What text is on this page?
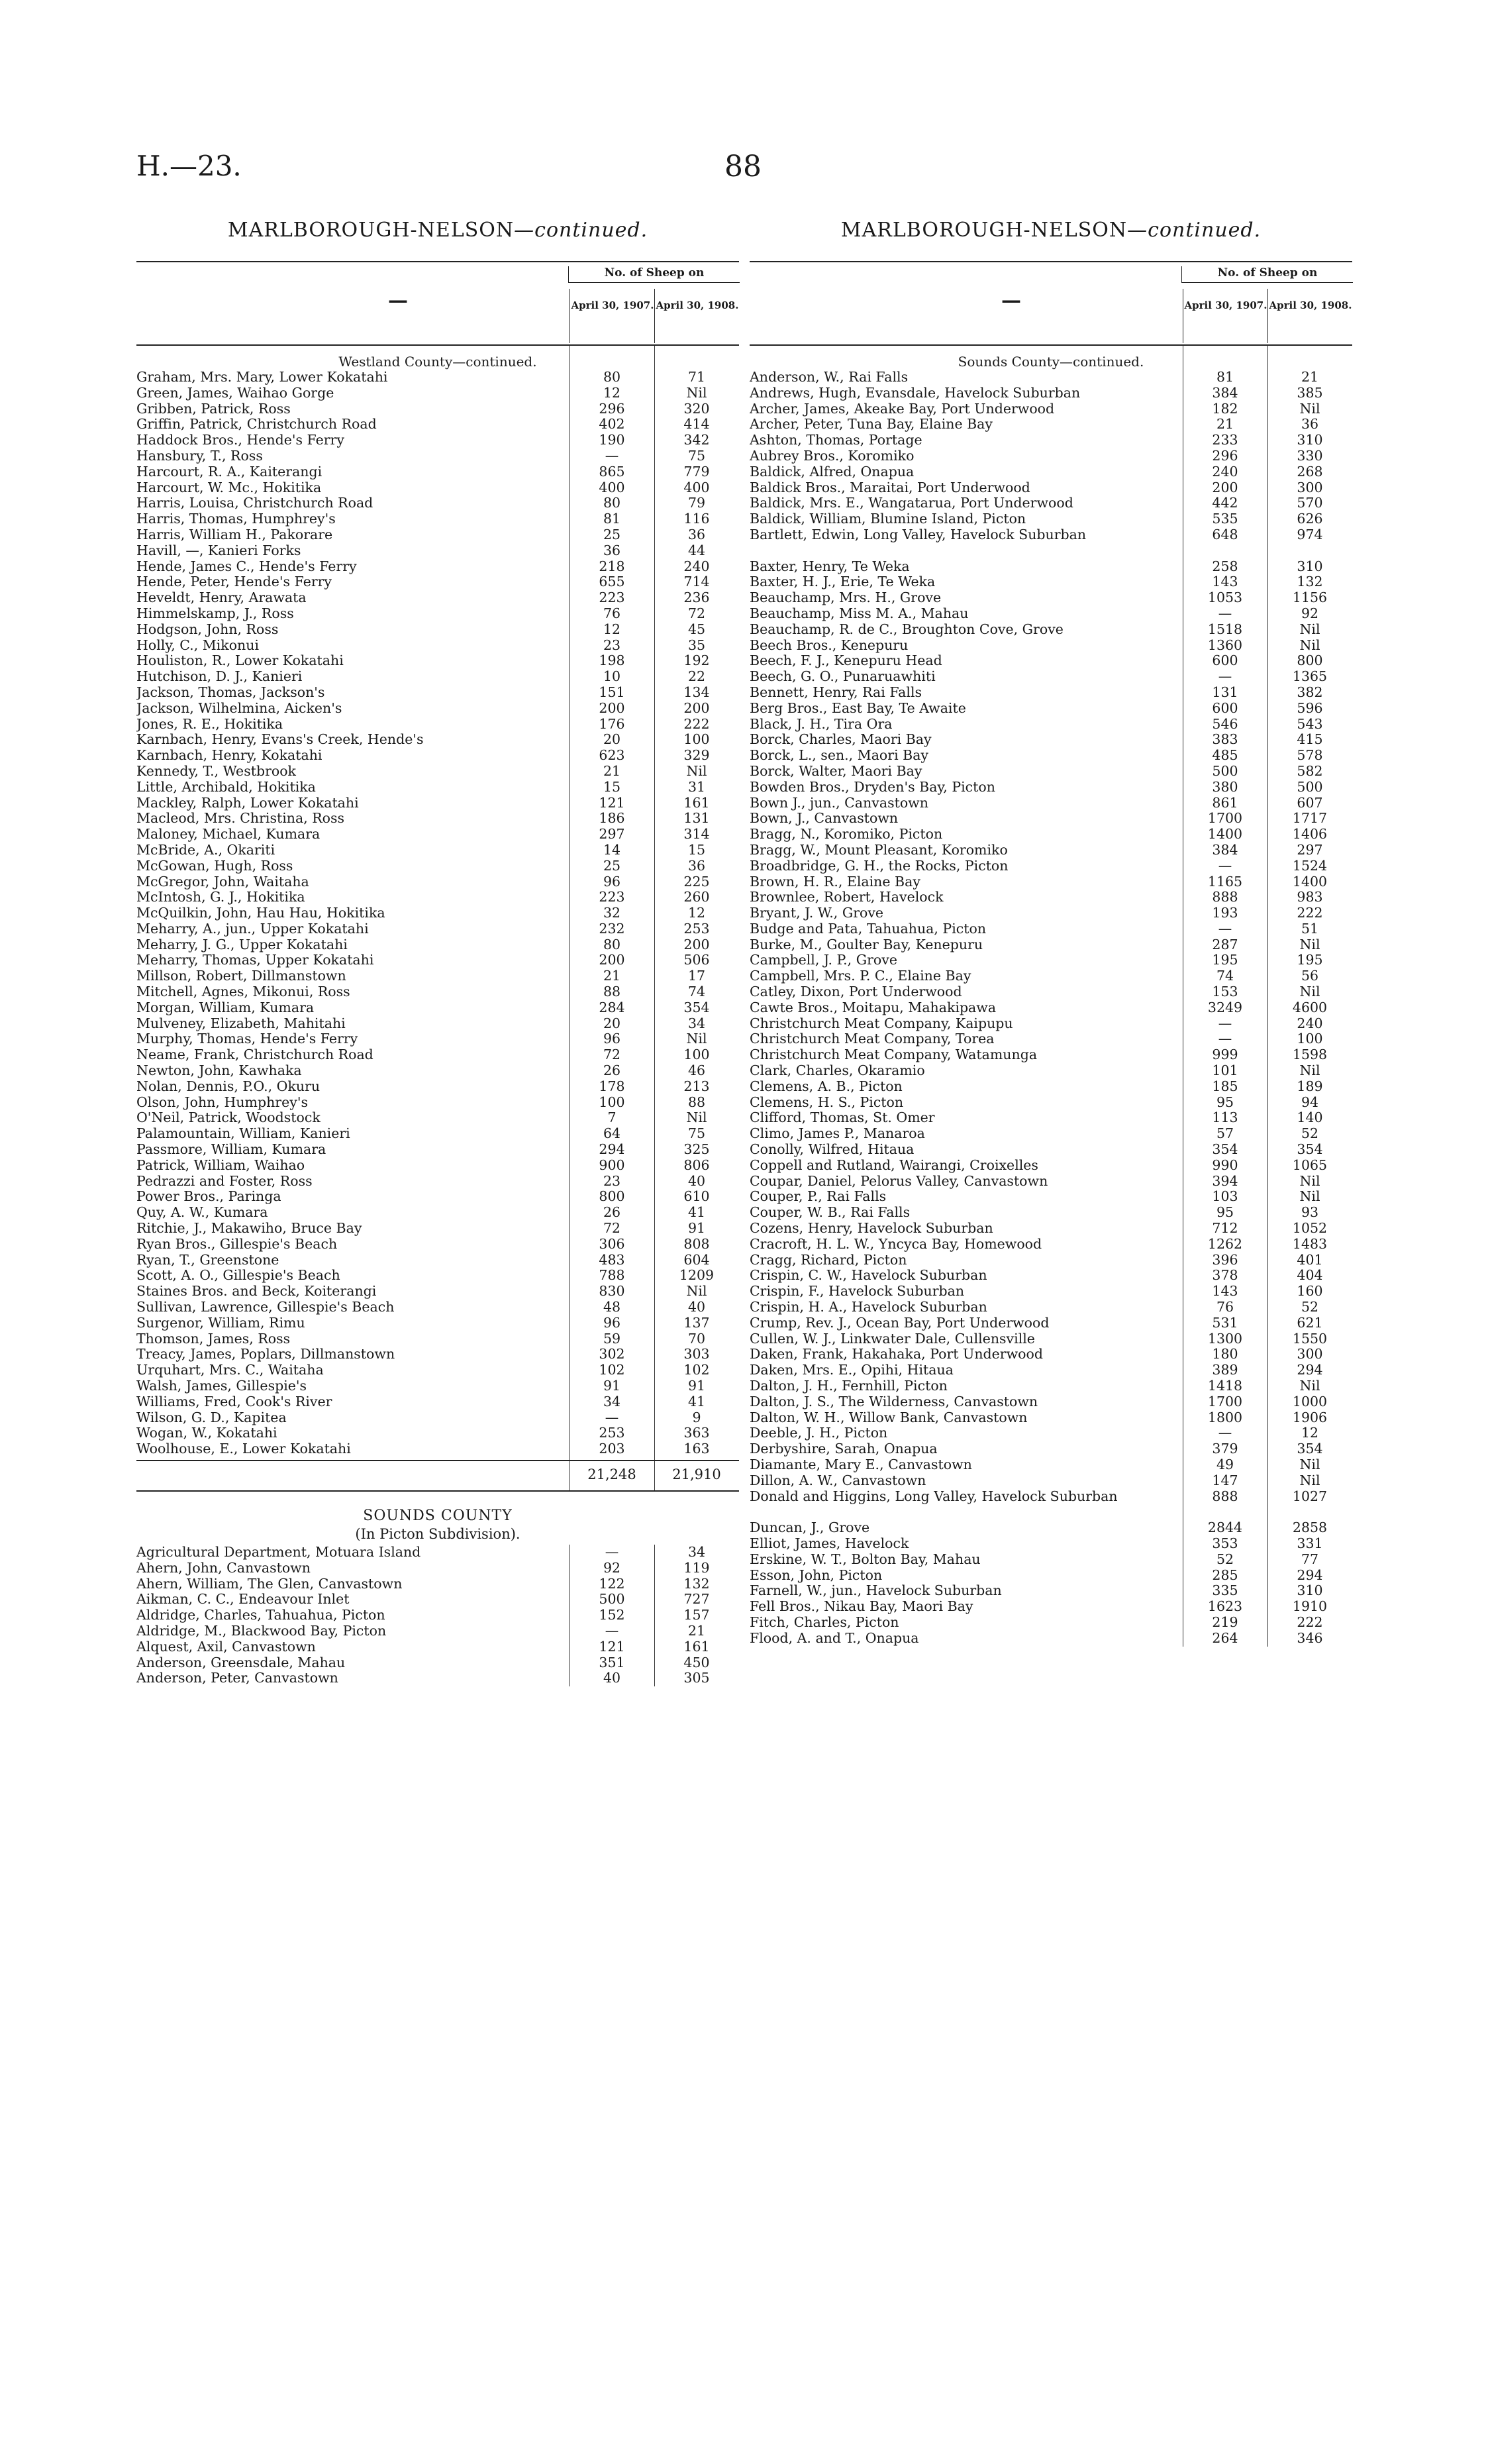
H.—23.	88
MARLBOROUGH-NELSON—continued.
—
No. of Sheep on
April 30, 1907. April 30, 1908.
Westland County—continued.
Graham, Mrs. Mary, Lower Kokatahi	80	71
Green, James, Waihao Gorge	12	Nil
Gribben, Patrick, Ross	296	320
Griffin, Patrick, Christchurch Road	402	414
Haddock Bros., Hende's Ferry	190	342
Hansbury, T., Ross	—	75
Harcourt, R. A., Kaiterangi	865	779
Harcourt, W. Mc., Hokitika	400	400
Harris, Louisa, Christchurch Road	80	79
Harris, Thomas, Humphrey's	81	116
Harris, William H., Pakorare	25	36
Havill, —, Kanieri Forks	36	44
Hende, James C., Hende's Ferry	218	240
Hende, Peter, Hende's Ferry	655	714
Heveldt, Henry, Arawata	223	236
Himmelskamp, J., Ross	76	72
Hodgson, John, Ross	12	45
Holly, C., Mikonui	23	35
Houliston, R., Lower Kokatahi	198	192
Hutchison, D. J., Kanieri	10	22
Jackson, Thomas, Jackson's	151	134
Jackson, Wilhelmina, Aicken's	200	200
Jones, R. E., Hokitika	176	222
Karnbach, Henry, Evans's Creek, Hende's	20	100
Karnbach, Henry, Kokatahi	623	329
Kennedy, T., Westbrook	21	Nil
Little, Archibald, Hokitika	15	31
Mackley, Ralph, Lower Kokatahi	121	161
Macleod, Mrs. Christina, Ross	186	131
Maloney, Michael, Kumara	297	314
McBride, A., Okariti	14	15
McGowan, Hugh, Ross	25	36
McGregor, John, Waitaha	96	225
McIntosh, G. J., Hokitika	223	260
McQuilkin, John, Hau Hau, Hokitika	32	12
Meharry, A., jun., Upper Kokatahi	232	253
Meharry, J. G., Upper Kokatahi	80	200
Meharry, Thomas, Upper Kokatahi	200	506
Millson, Robert, Dillmanstown	21	17
Mitchell, Agnes, Mikonui, Ross	88	74
Morgan, William, Kumara	284	354
Mulveney, Elizabeth, Mahitahi	20	34
Murphy, Thomas, Hende's Ferry	96	Nil
Neame, Frank, Christchurch Road	72	100
Newton, John, Kawhaka	26	46
Nolan, Dennis, P.O., Okuru	178	213
Olson, John, Humphrey's	100	88
O'Neil, Patrick, Woodstock	7	Nil
Palamountain, William, Kanieri	64	75
Passmore, William, Kumara	294	325
Patrick, William, Waihao	900	806
Pedrazzi and Foster, Ross	23	40
Power Bros., Paringa	800	610
Quy, A. W., Kumara	26	41
Ritchie, J., Makawiho, Bruce Bay	72	91
Ryan Bros., Gillespie's Beach	306	808
Ryan, T., Greenstone	483	604
Scott, A. O., Gillespie's Beach	788	1209
Staines Bros. and Beck, Koiterangi	830	Nil
Sullivan, Lawrence, Gillespie's Beach	48	40
Surgenor, William, Rimu	96	137
Thomson, James, Ross	59	70
Treacy, James, Poplars, Dillmanstown	302	303
Urquhart, Mrs. C., Waitaha	102	102
Walsh, James, Gillespie's	91	91
Williams, Fred, Cook's River	34	41
Wilson, G. D., Kapitea	—	9
Wogan, W., Kokatahi	253	363
Woolhouse, E., Lower Kokatahi	203	163
21,248	21,910
SOUNDS COUNTY
(In Picton Subdivision).
Agricultural Department, Motuara Island	—	34
Ahern, John, Canvastown	92	119
Ahern, William, The Glen, Canvastown	122	132
Aikman, C. C., Endeavour Inlet	500	727
Aldridge, Charles, Tahuahua, Picton	152	157
Aldridge, M., Blackwood Bay, Picton	—	21
Alquest, Axil, Canvastown	121	161
Anderson, Greensdale, Mahau	351	450
Anderson, Peter, Canvastown	40	305
MARLBOROUGH-NELSON—continued.
—
No. of Sheep on
April 30, 1907. April 30, 1908.
Sounds County—continued.
Anderson, W., Rai Falls	81	21
Andrews, Hugh, Evansdale, Havelock Suburban	384	385
Archer, James, Akeake Bay, Port Underwood	182	Nil
Archer, Peter, Tuna Bay, Elaine Bay	21	36
Ashton, Thomas, Portage	233	310
Aubrey Bros., Koromiko	296	330
Baldick, Alfred, Onapua	240	268
Baldick Bros., Maraitai, Port Underwood	200	300
Baldick, Mrs. E., Wangatarua, Port Underwood	442	570
Baldick, William, Blumine Island, Picton	535	626
Bartlett, Edwin, Long Valley, Havelock Suburban	648	974
Baxter, Henry, Te Weka	258	310
Baxter, H. J., Erie, Te Weka	143	132
Beauchamp, Mrs. H., Grove	1053	1156
Beauchamp, Miss M. A., Mahau	—	92
Beauchamp, R. de C., Broughton Cove, Grove	1518	Nil
Beech Bros., Kenepuru	1360	Nil
Beech, F. J., Kenepuru Head	600	800
Beech, G. O., Punaruawhiti	—	1365
Bennett, Henry, Rai Falls	131	382
Berg Bros., East Bay, Te Awaite	600	596
Black, J. H., Tira Ora	546	543
Borck, Charles, Maori Bay	383	415
Borck, L., sen., Maori Bay	485	578
Borck, Walter, Maori Bay	500	582
Bowden Bros., Dryden's Bay, Picton	380	500
Bown J., jun., Canvastown	861	607
Bown, J., Canvastown	1700	1717
Bragg, N., Koromiko, Picton	1400	1406
Bragg, W., Mount Pleasant, Koromiko	384	297
Broadbridge, G. H., the Rocks, Picton	—	1524
Brown, H. R., Elaine Bay	1165	1400
Brownlee, Robert, Havelock	888	983
Bryant, J. W., Grove	193	222
Budge and Pata, Tahuahua, Picton	—	51
Burke, M., Goulter Bay, Kenepuru	287	Nil
Campbell, J. P., Grove	195	195
Campbell, Mrs. P. C., Elaine Bay	74	56
Catley, Dixon, Port Underwood	153	Nil
Cawte Bros., Moitapu, Mahakipawa	3249	4600
Christchurch Meat Company, Kaipupu	—	240
Christchurch Meat Company, Torea	—	100
Christchurch Meat Company, Watamunga	999	1598
Clark, Charles, Okaramio	101	Nil
Clemens, A. B., Picton	185	189
Clemens, H. S., Picton	95	94
Clifford, Thomas, St. Omer	113	140
Climo, James P., Manaroa	57	52
Conolly, Wilfred, Hitaua	354	354
Coppell and Rutland, Wairangi, Croixelles	990	1065
Coupar, Daniel, Pelorus Valley, Canvastown	394	Nil
Couper, P., Rai Falls	103	Nil
Couper, W. B., Rai Falls	95	93
Cozens, Henry, Havelock Suburban	712	1052
Cracroft, H. L. W., Yncyca Bay, Homewood	1262	1483
Cragg, Richard, Picton	396	401
Crispin, C. W., Havelock Suburban	378	404
Crispin, F., Havelock Suburban	143	160
Crispin, H. A., Havelock Suburban	76	52
Crump, Rev. J., Ocean Bay, Port Underwood	531	621
Cullen, W. J., Linkwater Dale, Cullensville	1300	1550
Daken, Frank, Hakahaka, Port Underwood	180	300
Daken, Mrs. E., Opihi, Hitaua	389	294
Dalton, J. H., Fernhill, Picton	1418	Nil
Dalton, J. S., The Wilderness, Canvastown	1700	1000
Dalton, W. H., Willow Bank, Canvastown	1800	1906
Deeble, J. H., Picton	—	12
Derbyshire, Sarah, Onapua	379	354
Diamante, Mary E., Canvastown	49	Nil
Dillon, A. W., Canvastown	147	Nil
Donald and Higgins, Long Valley, Havelock Suburban	888	1027
Duncan, J., Grove	2844	2858
Elliot, James, Havelock	353	331
Erskine, W. T., Bolton Bay, Mahau	52	77
Esson, John, Picton	285	294
Farnell, W., jun., Havelock Suburban	335	310
Fell Bros., Nikau Bay, Maori Bay	1623	1910
Fitch, Charles, Picton	219	222
Flood, A. and T., Onapua	264	346
